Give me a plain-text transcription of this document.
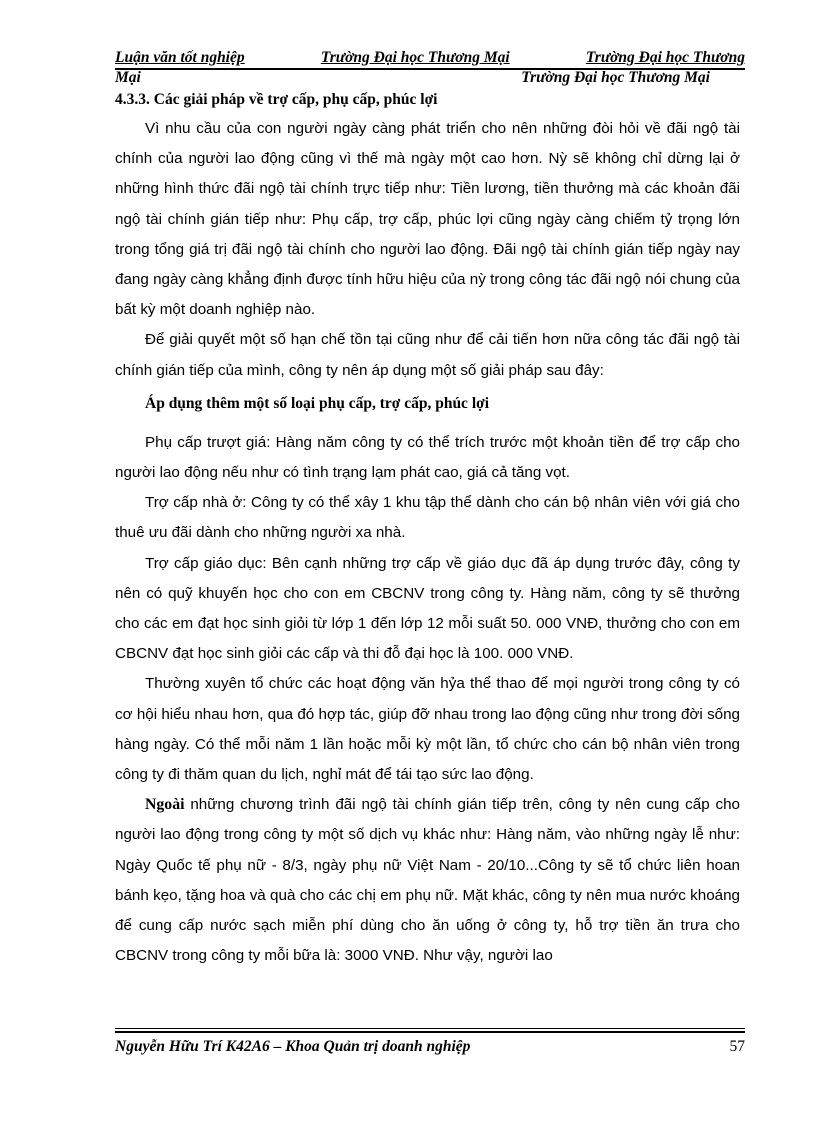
Luận văn tốt nghiệp	Trường Đại học Thương Mại	Trường Đại học Thương
Mại	Trường Đại học Thương Mại
4.3.3. Các giải pháp về trợ cấp, phụ cấp, phúc lợi

Vì nhu cầu của con người ngày càng phát triển cho nên những đòi hỏi về đãi ngộ tài chính của người lao động cũng vì thế mà ngày một cao hơn. Nỳ sẽ không chỉ dừng lại ở những hình thức đãi ngộ tài chính trực tiếp như: Tiền lương, tiền thưởng mà các khoản đãi ngộ tài chính gián tiếp như: Phụ cấp, trợ cấp, phúc lợi cũng ngày càng chiếm tỷ trọng lớn trong tổng giá trị đãi ngộ tài chính cho người lao động. Đãi ngộ tài chính gián tiếp ngày nay đang ngày càng khẳng định được tính hữu hiệu của nỳ trong công tác đãi ngộ nói chung của bất kỳ một doanh nghiệp nào.

Để giải quyết một số hạn chế tồn tại cũng như để cải tiến hơn nữa công tác đãi ngộ tài chính gián tiếp của mình, công ty nên áp dụng một số giải pháp sau đây:

Áp dụng thêm một số loại phụ cấp, trợ cấp, phúc lợi

Phụ cấp trượt giá: Hàng năm công ty có thể trích trước một khoản tiền để trợ cấp cho người lao động nếu như có tình trạng lạm phát cao, giá cả tăng vọt.

Trợ cấp nhà ở: Công ty có thể xây 1 khu tập thể dành cho cán bộ nhân viên với giá cho thuê ưu đãi dành cho những người xa nhà.

Trợ cấp giáo dục: Bên cạnh những trợ cấp về giáo dục đã áp dụng trước đây, công ty nên có quỹ khuyến học cho con em CBCNV trong công ty. Hàng năm, công ty sẽ thưởng cho các em đạt học sinh giỏi từ lớp 1 đến lớp 12 mỗi suất 50. 000 VNĐ, thưởng cho con em CBCNV đạt học sinh giỏi các cấp và thi đỗ đại học là 100. 000 VNĐ.

Thường xuyên tổ chức các hoạt động văn hỷa thể thao để mọi người trong công ty có cơ hội hiểu nhau hơn, qua đó hợp tác, giúp đỡ nhau trong lao động cũng như trong đời sống hàng ngày. Có thể mỗi năm 1 lần hoặc mỗi kỳ một lần, tổ chức cho cán bộ nhân viên trong công ty đi thăm quan du lịch, nghỉ mát để tái tạo sức lao động.

Ngoài những chương trình đãi ngộ tài chính gián tiếp trên, công ty nên cung cấp cho người lao động trong công ty một số dịch vụ khác như: Hàng năm, vào những ngày lễ như: Ngày Quốc tế phụ nữ - 8/3, ngày phụ nữ Việt Nam - 20/10...Công ty sẽ tổ chức liên hoan bánh kẹo, tặng hoa và quà cho các chị em phụ nữ. Mặt khác, công ty nên mua nước khoáng để cung cấp nước sạch miễn phí dùng cho ăn uống ở công ty, hỗ trợ tiền ăn trưa cho CBCNV trong công ty mỗi bữa là: 3000 VNĐ. Như vậy, người lao

Nguyễn Hữu Trí K42A6 – Khoa Quản trị doanh nghiệp	57
